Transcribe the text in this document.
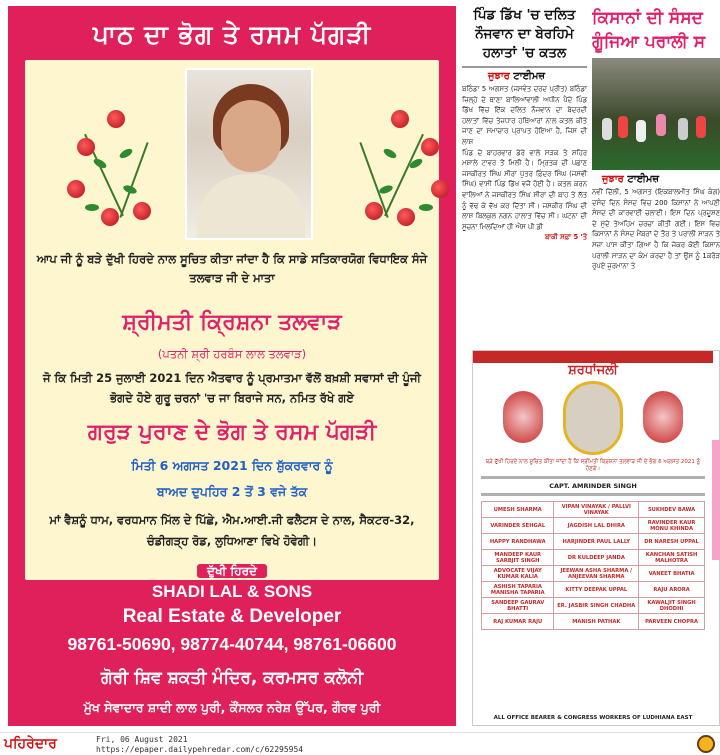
ਪਾਠ ਦਾ ਭੋਗ ਤੇ ਰਸਮ ਪੱਗੜੀ
ਆਪ ਜੀ ਨੂੰ ਬੜੇ ਦੁੱਖੀ ਹਿਰਦੇ ਨਾਲ ਸੂਚਿਤ ਕੀਤਾ ਜਾਂਦਾ ਹੈ ਕਿ ਸਾਡੇ ਸਤਿਕਾਰਯੋਗ ਵਿਧਾਇਕ ਸੰਜੇ ਤਲਵਾੜ ਜੀ ਦੇ ਮਾਤਾ
ਸ਼੍ਰੀਮਤੀ ਕ੍ਰਿਸ਼ਨਾ ਤਲਵਾੜ
(ਪਤਨੀ ਸ਼੍ਰੀ ਹਰਬੰਸ ਲਾਲ ਤਲਵਾੜ)
ਜੋ ਕਿ ਮਿਤੀ 25 ਜੁਲਾਈ 2021 ਦਿਨ ਐਤਵਾਰ ਨੂੰ ਪ੍ਰਮਾਤਮਾ ਵੱਲੋਂ ਬਖ਼ਸ਼ੀ ਸਵਾਸਾਂ ਦੀ ਪੂੰਜੀ ਭੋਗਦੇ ਹੋਏ ਗੁਰੂ ਚਰਨਾਂ 'ਚ ਜਾ ਬਿਰਾਜੇ ਸਨ, ਨਮਿਤ ਰੱਖੇ ਗਏ
ਗਰੁੜ ਪੁਰਾਣ ਦੇ ਭੋਗ ਤੇ ਰਸਮ ਪੱਗੜੀ
ਮਿਤੀ 6 ਅਗਸਤ 2021 ਦਿਨ ਸ਼ੁੱਕਰਵਾਰ ਨੂੰ
ਬਾਅਦ ਦੁਪਹਿਰ 2 ਤੋਂ 3 ਵਜੇ ਤੱਕ
ਮਾਂ ਵੈਸ਼ਨੂੰ ਧਾਮ, ਵਰਧਮਾਨ ਮਿੱਲ ਦੇ ਪਿੱਛੇ, ਐਮ.ਆਈ.ਜੀ ਫਲੈਟਸ ਦੇ ਨਾਲ, ਸੈਕਟਰ-32, ਚੰਡੀਗੜ੍ਹ ਰੋਡ, ਲੁਧਿਆਣਾ ਵਿਖੇ ਹੋਵੇਗੀ।
ਦੁੱਖੀ ਹਿਰਦੇ
SHADI LAL & SONS
Real Estate & Developer
98761-50690, 98774-40744, 98761-06600
ਗੋਰੀ ਸ਼ਿਵ ਸ਼ਕਤੀ ਮੰਦਿਰ, ਕਰਮਸਰ ਕਲੋਨੀ
ਮੁੱਖ ਸੇਵਾਦਾਰ ਸ਼ਾਦੀ ਲਾਲ ਪੁਰੀ, ਕੌਂਸਲਰ ਨਰੇਸ਼ ਉੱਪਰ, ਗੌਰਵ ਪੁਰੀ
ਪਿੰਡ ਡਿੱਖ 'ਚ ਦਲਿਤ
ਨੌਜਵਾਨ ਦਾ ਬੇਰਹਿਮੇ
ਹਲਾਤਾਂ 'ਚ ਕਤਲ
ਜੁਝਾਰ ਟਾਈਮਜ਼
ਬਠਿੰਡਾ 5 ਅਗਸਤ (ਜਸਵੰਤ ਦਰਦ ਪ੍ਰੀਤ) ਬਠਿੰਡਾ ਜ਼ਿਲ੍ਹੇ ਦੇ ਥਾਣਾ ਬਾਲਿਆਂਵਾਲੀ ਅਧੀਨ ਪੈਂਦੇ ਪਿੰਡ ਡਿੱਖ ਵਿੱਚ ਇੱਕ ਦਲਿਤ ਨੌਜਵਾਨ ਦਾ ਬੇਦਰਦੀ ਹਲਾਤਾਂ ਵਿੱਚ ਤੇਜ਼ਧਾਰ ਹਥਿਆਰਾਂ ਨਾਲ ਕਤਲ ਕੀਤੇ ਜਾਣ ਦਾ ਸਮਾਚਾਰ ਪ੍ਰਾਪਤ ਹੋਇਆ ਹੈ, ਜਿਸ ਦੀ ਲਾਸ਼
ਪਿੰਡ ਦੇ ਬਾਹਰਵਾਰ ਡੇਰੇ ਵਾਲੇ ਸੜਕ ਤੇ ਸ਼ਹਿਰ ਮਸ਼ਾਲੇ ਟਾਵਰ ਤੋਂ ਮਿਲੀ ਹੈ। ਮ੍ਰਿਤਕ ਦੀ ਪਛਾਣ ਜਸਕੀਰਤ ਸਿੰਘ ਸੀਰਾ ਪੁੱਤਰ ਫ਼ਿੰਦਰ ਸਿੰਘ (ਜਸਵੀ ਸਿੰਘ) ਵਾਸੀ ਪਿੰਡ ਡਿੱਖ ਵਜੋਂ ਹੋਈ ਹੈ। ਕਤਲ ਕਰਨ ਵਾਲਿਆਂ ਨੇ ਜਸਕੀਰਤ ਸਿੰਘ ਸੀਰਾ ਦੀ ਬਾਹ ਤੇ ਲੱਤ ਨੂੰ ਵੱਢ ਕੇ ਵੱਖ ਕਰ ਦਿੱਤਾ ਸੀ। ਜਸਕੀਰ ਸਿੰਘ ਦੀ ਲਾਸ਼ ਬਿਲਕੁਲ ਨਗਨ ਹਾਲਾਤ ਵਿੱਚ ਸੀ। ਘਟਨਾ ਦੀ ਸੂਚਨਾ ਮਿਲਦਿਆਂ ਹੀ ਐਸ ਪੀ ਡੀ
ਬਾਕੀ ਸਫ਼ਾ 5 'ਤੇ
ਕਿਸਾਨਾਂ ਦੀ ਸੰਸਦ
ਗੂੰਜਿਆ ਪਰਾਲੀ ਸ
ਜੁਝਾਰ ਟਾਈਮਜ਼
ਨਵੀਂ ਦਿੱਲੀ, 5 ਅਗਸਤ (ਇਕਬਾਲਮੀਤ ਸਿੰਘ ਕੰਗ) ਦਸੰਦ ਦਿਨ ਸੰਸਦ ਵਿਚ 200 ਕਿਸਾਨਾਂ ਨੇ ਆਪਣੀ ਸੰਸਦ ਦੀ ਕਾਰਵਾਈ ਚਲਾਈ। ਇਸ ਦਿਨ ਪ੍ਰਦੂਸ਼ਣ ਦੇ ਮੁੱਦੇ ਤੇਅਹਿਮ ਚਰਚਾ ਕੀਤੀ ਗਈ। ਇਸ ਵਿਚ ਕਿਸਾਨਾਂ ਨੇ ਸੰਸਦ ਮੈਂਬਰਾਂ ਦੇ ਤੌਰ ਤੇ ਪਰਾਲੀ ਸਾੜਨ ਤੇ ਸਜ਼ਾ ਪਾਸ ਕੀਤਾ ਗਿਆ ਹੈ ਕਿ ਜੇਕਰ ਕੋਈ ਕਿਸਾਨ ਪਰਾਲੀ ਸਾੜਨ ਦਾ ਕੰਮ ਕਰਦਾ ਹੈ ਤਾਂ ਉਸ ਨੂੰ 1ਕਰੋੜ ਰੁਪਏ ਜੁਰਮਾਨਾ ਤੇ
ਸ਼ਰਧਾਂਜਲੀ
ਬੜੇ ਦੁੱਖੀ ਹਿਰਦੇ ਨਾਲ ਸੂਚਿਤ ਕੀਤਾ ਜਾਂਦਾ ਹੈ ਕਿ ਸ੍ਰੀਮਤੀ ਕ੍ਰਿਸ਼ਨਾ ਤਲਵਾੜ ਜੀ ਦੇ ਭੋਗ 6 ਅਗਸਤ 2021 ਨੂੰ ਹੋਣਗੇ।
CAPT. AMRINDER SINGH
UMESH SHARMA	VIPAN VINAYAK / PALLVI VINAYAK	SUKHDEV BAWA
VARINDER SEHGAL	JAGDISH LAL DHIRA	RAVINDER KAUR MONU KHINDA
HAPPY RANDHAWA	HARJINDER PAUL LALLY	DR NARESH UPPAL
MANDEEP KAUR SARBJIT SINGH	DR KULDEEP JANDA	KANCHAN SATISH MALHOTRA
ADVOCATE VIJAY KUMAR KALIA	JEEWAN ASHA SHARMA / ANJEEVAN SHARMA	VANEET BHATIA
ASHISH TAPARIA MANISHA TAPARIA	KITTY DEEPAK UPPAL	RAJU ARORA
SANDEEP GAURAV BHATTI	ER. JASBIR SINGH CHADHA	KAWALJIT SINGH DHODHI
RAJ KUMAR RAJU	MANISH PATHAK	PARVEEN CHOPRA
ALL OFFICE BEARER & CONGRESS WORKERS OF LUDHIANA EAST
ਪਹਿਰੇਦਾਰ	Fri, 06 August 2021
https://epaper.dailypehredar.com/c/62295954
